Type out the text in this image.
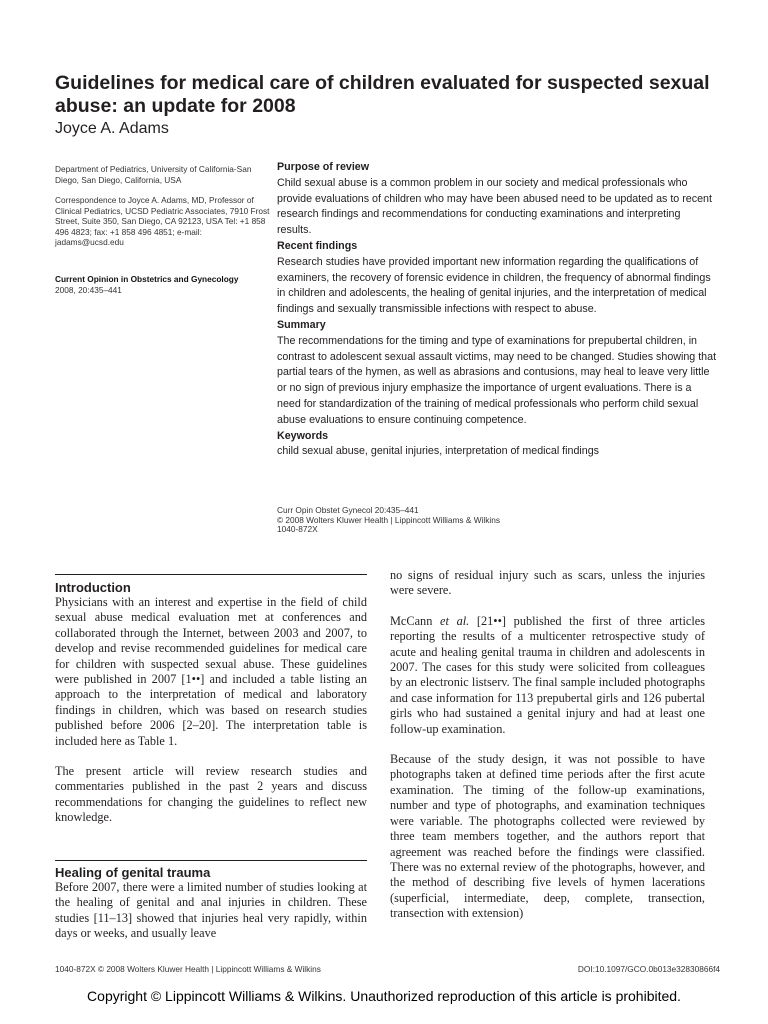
Guidelines for medical care of children evaluated for suspected sexual abuse: an update for 2008
Joyce A. Adams
Department of Pediatrics, University of California-San Diego, San Diego, California, USA
Correspondence to Joyce A. Adams, MD, Professor of Clinical Pediatrics, UCSD Pediatric Associates, 7910 Frost Street, Suite 350, San Diego, CA 92123, USA Tel: +1 858 496 4823; fax: +1 858 496 4851; e-mail: jadams@ucsd.edu
Current Opinion in Obstetrics and Gynecology
2008, 20:435–441
Purpose of review

Child sexual abuse is a common problem in our society and medical professionals who provide evaluations of children who may have been abused need to be updated as to recent research findings and recommendations for conducting examinations and interpreting results.

Recent findings

Research studies have provided important new information regarding the qualifications of examiners, the recovery of forensic evidence in children, the frequency of abnormal findings in children and adolescents, the healing of genital injuries, and the interpretation of medical findings and sexually transmissible infections with respect to abuse.

Summary

The recommendations for the timing and type of examinations for prepubertal children, in contrast to adolescent sexual assault victims, may need to be changed. Studies showing that partial tears of the hymen, as well as abrasions and contusions, may heal to leave very little or no sign of previous injury emphasize the importance of urgent evaluations. There is a need for standardization of the training of medical professionals who perform child sexual abuse evaluations to ensure continuing competence.

Keywords

child sexual abuse, genital injuries, interpretation of medical findings

Curr Opin Obstet Gynecol 20:435–441
© 2008 Wolters Kluwer Health | Lippincott Williams & Wilkins
1040-872X
Introduction

Physicians with an interest and expertise in the field of child sexual abuse medical evaluation met at conferences and collaborated through the Internet, between 2003 and 2007, to develop and revise recommended guidelines for medical care for children with suspected sexual abuse. These guidelines were published in 2007 [1••] and included a table listing an approach to the interpretation of medical and laboratory findings in children, which was based on research studies published before 2006 [2–20]. The interpretation table is included here as Table 1.

The present article will review research studies and commentaries published in the past 2 years and discuss recommendations for changing the guidelines to reflect new knowledge.

Healing of genital trauma

Before 2007, there were a limited number of studies looking at the healing of genital and anal injuries in children. These studies [11–13] showed that injuries heal very rapidly, within days or weeks, and usually leave

no signs of residual injury such as scars, unless the injuries were severe.

McCann et al. [21••] published the first of three articles reporting the results of a multicenter retrospective study of acute and healing genital trauma in children and adolescents in 2007. The cases for this study were solicited from colleagues by an electronic listserv. The final sample included photographs and case information for 113 prepubertal girls and 126 pubertal girls who had sustained a genital injury and had at least one follow-up examination.

Because of the study design, it was not possible to have photographs taken at defined time periods after the first acute examination. The timing of the follow-up examinations, number and type of photographs, and examination techniques were variable. The photographs collected were reviewed by three team members together, and the authors report that agreement was reached before the findings were classified. There was no external review of the photographs, however, and the method of describing five levels of hymen lacerations (superficial, intermediate, deep, complete, transection, transection with extension)

1040-872X © 2008 Wolters Kluwer Health | Lippincott Williams & Wilkins	DOI:10.1097/GCO.0b013e32830866f4
Copyright © Lippincott Williams & Wilkins. Unauthorized reproduction of this article is prohibited.
